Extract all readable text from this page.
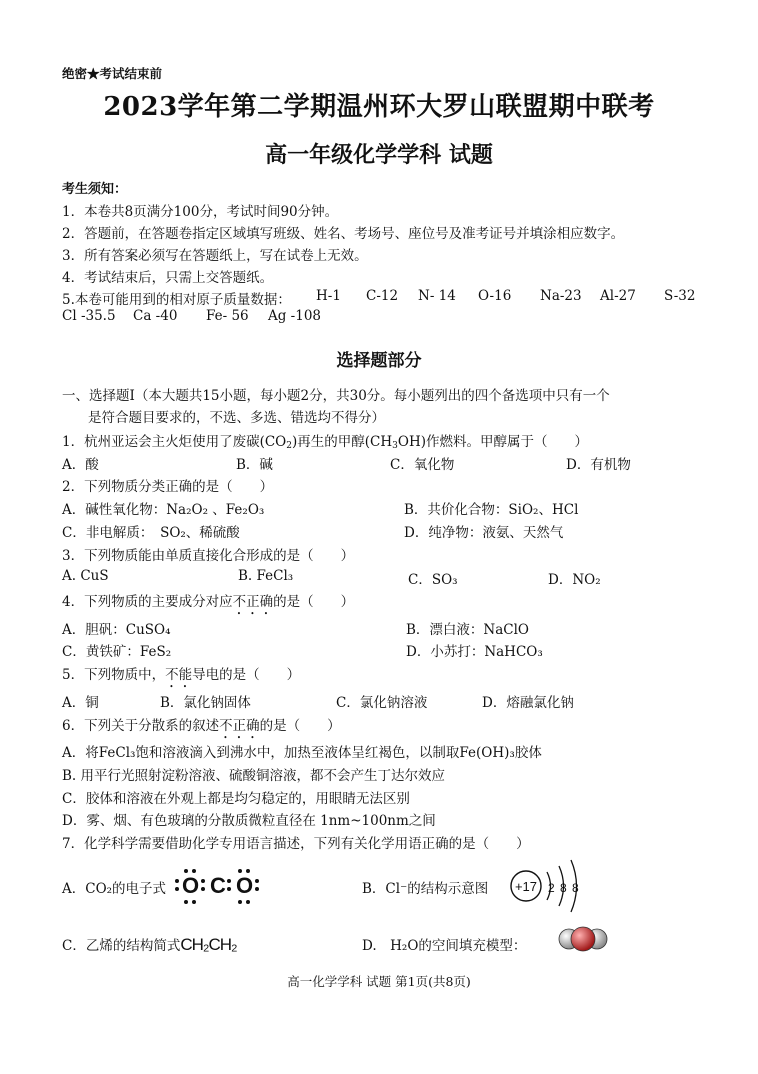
绝密★考试结束前
2023学年第二学期温州环大罗山联盟期中联考
高一年级化学学科 试题
考生须知：
1．本卷共8页满分100分，考试时间90分钟。
2．答题前，在答题卷指定区域填写班级、姓名、考场号、座位号及准考证号并填涂相应数字。
3．所有答案必须写在答题纸上，写在试卷上无效。
4．考试结束后，只需上交答题纸。
5.本卷可能用到的相对原子质量数据： H-1 C-12 N- 14 O-16 Na-23 Al-27 S-32
Cl -35.5 Ca -40 Fe- 56 Ag -108
选择题部分
一、选择题Ⅰ（本大题共15小题，每小题2分，共30分。每小题列出的四个备选项中只有一个
是符合题目要求的，不选、多选、错选均不得分）
1．杭州亚运会主火炬使用了废碳$(CO_2)$再生的甲醇$(CH_3OH)$作燃料。甲醇属于（　　）
A．酸	B．碱	C．氧化物	D．有机物
2．下列物质分类正确的是（　　）
A．碱性氧化物：Na₂O₂ 、Fe₂O₃	B．共价化合物：SiO₂、HCl
C．非电解质：　SO₂、稀硫酸	D．纯净物：液氨、天然气
3．下列物质能由单质直接化合形成的是（　　）
A. CuS	B. FeCl₃	C．SO₃	D．NO₂
4．下列物质的主要成分对应不正确的是（　　）
A．胆矾：CuSO₄	B．漂白液：NaClO
C．黄铁矿：FeS₂	D．小苏打：NaHCO₃
5．下列物质中，不能导电的是（　　）
A．铜	B．氯化钠固体	C．氯化钠溶液	D．熔融氯化钠
6．下列关于分散系的叙述不正确的是（　　）
A．将FeCl₃饱和溶液滴入到沸水中，加热至液体呈红褐色，以制取Fe(OH)₃胶体
B. 用平行光照射淀粉溶液、硫酸铜溶液，都不会产生丁达尔效应
C．胶体和溶液在外观上都是均匀稳定的，用眼睛无法区别
D．雾、烟、有色玻璃的分散质微粒直径在 1nm~100nm之间
7．化学科学需要借助化学专用语言描述，下列有关化学用语正确的是（　　）
A．CO₂的电子式 O C O	B．Cl⁻的结构示意图 +17 2 8 8
C．乙烯的结构简式CH₂CH₂	D.　H₂O的空间填充模型：
高一化学学科 试题 第1页(共8页)
